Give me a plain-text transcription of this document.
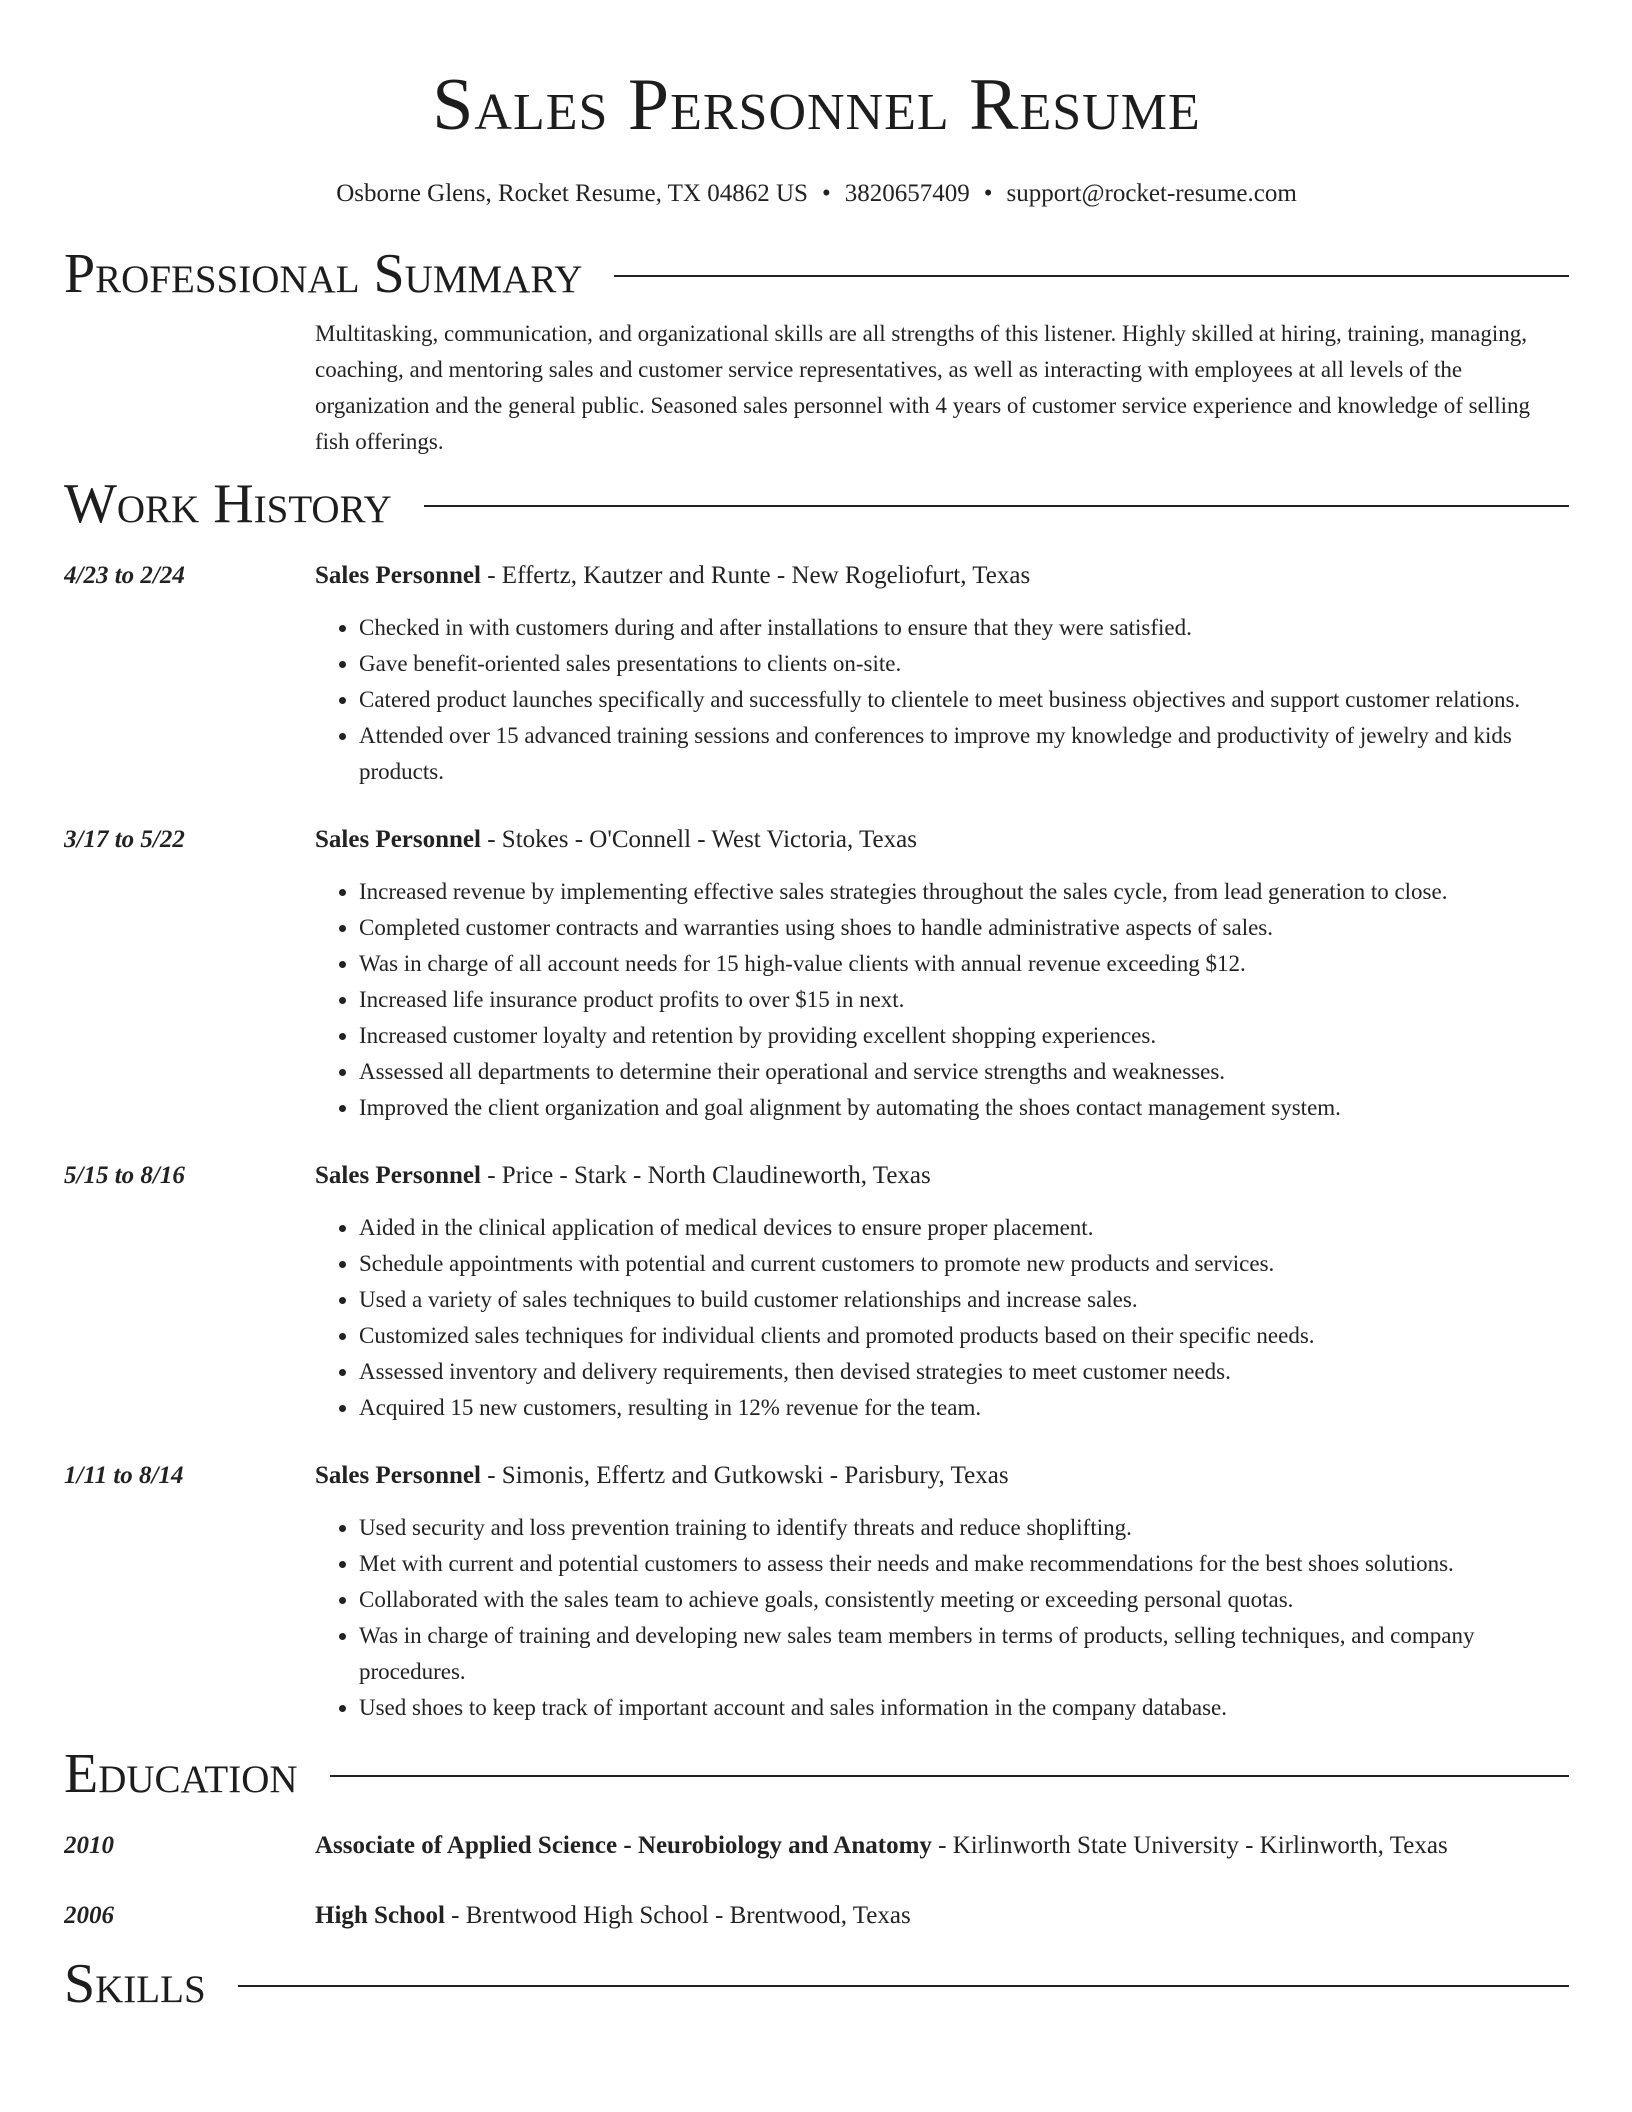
Sales Personnel Resume
Osborne Glens, Rocket Resume, TX 04862 US • 3820657409 • support@rocket-resume.com
Professional Summary

Multitasking, communication, and organizational skills are all strengths of this listener. Highly skilled at hiring, training, managing, coaching, and mentoring sales and customer service representatives, as well as interacting with employees at all levels of the organization and the general public. Seasoned sales personnel with 4 years of customer service experience and knowledge of selling fish offerings.

Work History
4/23 to 2/24	Sales Personnel - Effertz, Kautzer and Runte - New Rogeliofurt, Texas
• Checked in with customers during and after installations to ensure that they were satisfied.
• Gave benefit-oriented sales presentations to clients on-site.
• Catered product launches specifically and successfully to clientele to meet business objectives and support customer relations.
• Attended over 15 advanced training sessions and conferences to improve my knowledge and productivity of jewelry and kids products.
3/17 to 5/22	Sales Personnel - Stokes - O'Connell - West Victoria, Texas
• Increased revenue by implementing effective sales strategies throughout the sales cycle, from lead generation to close.
• Completed customer contracts and warranties using shoes to handle administrative aspects of sales.
• Was in charge of all account needs for 15 high-value clients with annual revenue exceeding $12.
• Increased life insurance product profits to over $15 in next.
• Increased customer loyalty and retention by providing excellent shopping experiences.
• Assessed all departments to determine their operational and service strengths and weaknesses.
• Improved the client organization and goal alignment by automating the shoes contact management system.
5/15 to 8/16	Sales Personnel - Price - Stark - North Claudineworth, Texas
• Aided in the clinical application of medical devices to ensure proper placement.
• Schedule appointments with potential and current customers to promote new products and services.
• Used a variety of sales techniques to build customer relationships and increase sales.
• Customized sales techniques for individual clients and promoted products based on their specific needs.
• Assessed inventory and delivery requirements, then devised strategies to meet customer needs.
• Acquired 15 new customers, resulting in 12% revenue for the team.
1/11 to 8/14	Sales Personnel - Simonis, Effertz and Gutkowski - Parisbury, Texas
• Used security and loss prevention training to identify threats and reduce shoplifting.
• Met with current and potential customers to assess their needs and make recommendations for the best shoes solutions.
• Collaborated with the sales team to achieve goals, consistently meeting or exceeding personal quotas.
• Was in charge of training and developing new sales team members in terms of products, selling techniques, and company procedures.
• Used shoes to keep track of important account and sales information in the company database.
Education
2010	Associate of Applied Science - Neurobiology and Anatomy - Kirlinworth State University - Kirlinworth, Texas
2006	High School - Brentwood High School - Brentwood, Texas
Skills
